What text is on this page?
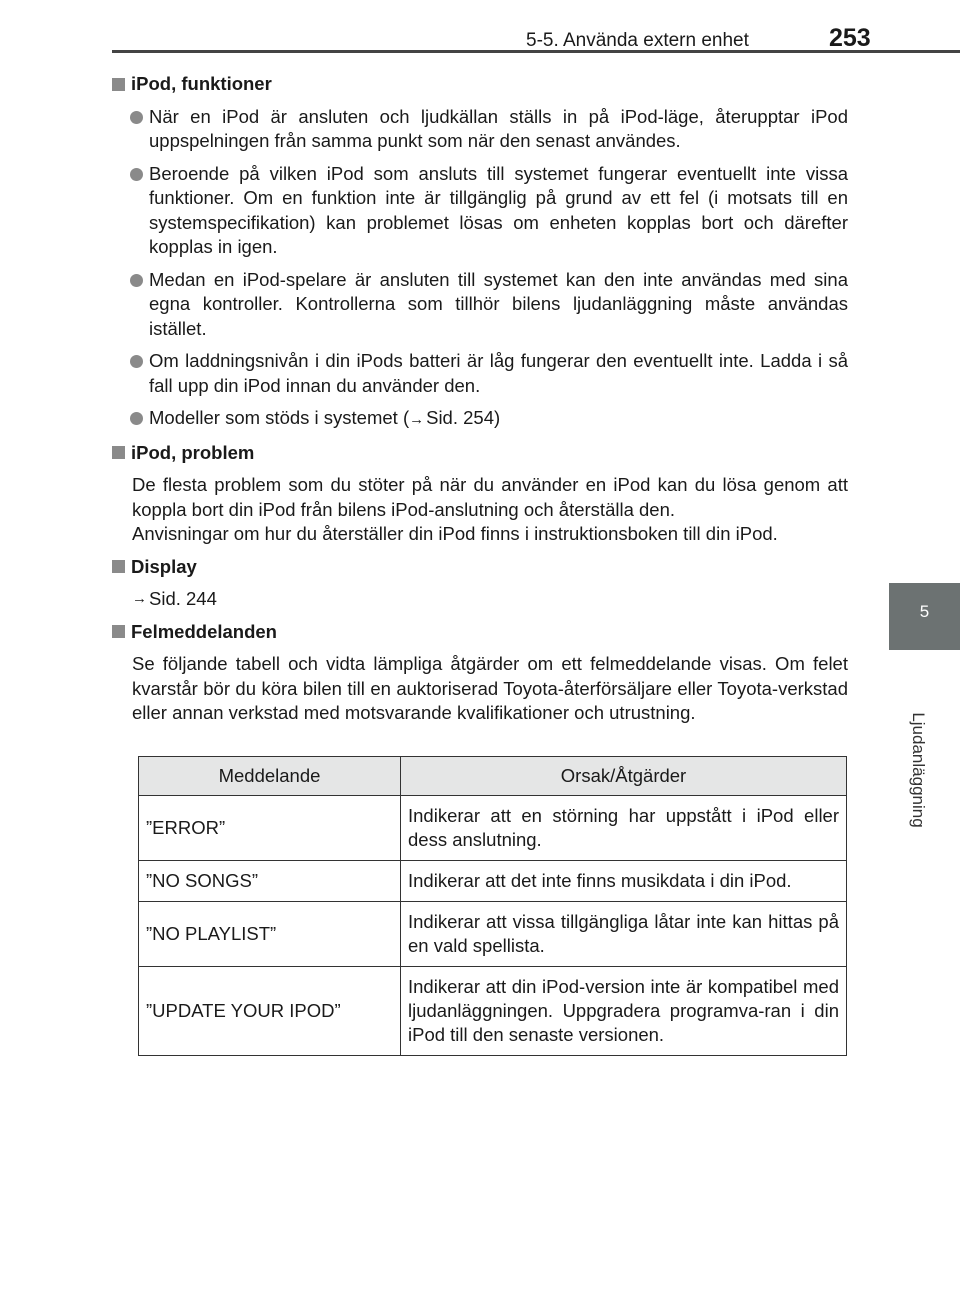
5-5. Använda extern enhet	253
5
Ljudanläggning
iPod, funktioner
När en iPod är ansluten och ljudkällan ställs in på iPod-läge, återupptar iPod uppspelningen från samma punkt som när den senast användes.
Beroende på vilken iPod som ansluts till systemet fungerar eventuellt inte vissa funktioner. Om en funktion inte är tillgänglig på grund av ett fel (i motsats till en systemspecifikation) kan problemet lösas om enheten kopplas bort och därefter kopplas in igen.
Medan en iPod-spelare är ansluten till systemet kan den inte användas med sina egna kontroller. Kontrollerna som tillhör bilens ljudanläggning måste användas istället.
Om laddningsnivån i din iPods batteri är låg fungerar den eventuellt inte. Ladda i så fall upp din iPod innan du använder den.
Modeller som stöds i systemet (→ Sid. 254)
iPod, problem
De flesta problem som du stöter på när du använder en iPod kan du lösa genom att koppla bort din iPod från bilens iPod-anslutning och återställa den.
Anvisningar om hur du återställer din iPod finns i instruktionsboken till din iPod.
Display
→ Sid. 244
Felmeddelanden
Se följande tabell och vidta lämpliga åtgärder om ett felmeddelande visas. Om felet kvarstår bör du köra bilen till en auktoriserad Toyota-återförsäljare eller Toyota-verkstad eller annan verkstad med motsvarande kvalifikationer och utrustning.
Meddelande	Orsak/Åtgärder
”ERROR”	Indikerar att en störning har uppstått i iPod eller dess anslutning.
”NO SONGS”	Indikerar att det inte finns musikdata i din iPod.
”NO PLAYLIST”	Indikerar att vissa tillgängliga låtar inte kan hittas på en vald spellista.
”UPDATE YOUR IPOD”	Indikerar att din iPod-version inte är kompatibel med ljudanläggningen. Uppgradera programva-ran i din iPod till den senaste versionen.
